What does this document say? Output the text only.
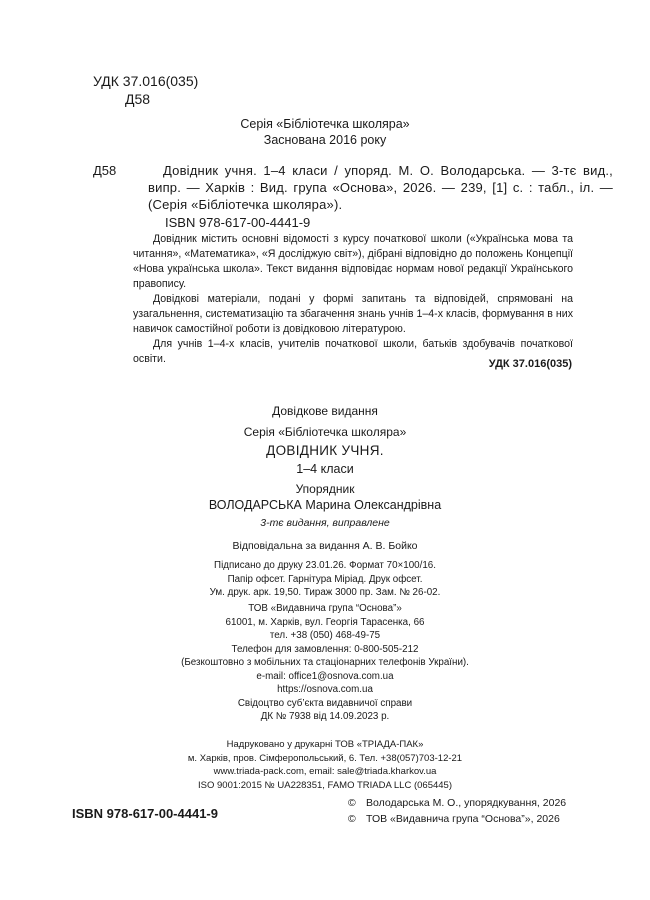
УДК 37.016(035)
Д58
Серія «Бібліотечка школяра»
Заснована 2016 року
Д58	Довідник учня. 1–4 класи / упоряд. М. О. Володарська. — 3-тє вид., випр. — Харків : Вид. група «Основа», 2026. — 239, [1] с. : табл., іл. — (Серія «Бібліотечка школяра»).
ISBN 978-617-00-4441-9

Довідник містить основні відомості з курсу початкової школи («Українська мова та читання», «Математика», «Я досліджую світ»), дібрані відповідно до положень Концепції «Нова українська школа». Текст видання відповідає нормам нової редакції Українського правопису.

Довідкові матеріали, подані у формі запитань та відповідей, спрямовані на узагальнення, систематизацію та збагачення знань учнів 1–4-х класів, формування в них навичок самостійної роботи із довідковою літературою.

Для учнів 1–4-х класів, учителів початкової школи, батьків здобувачів початкової освіти.	УДК 37.016(035)
Довідкове видання
Серія «Бібліотечка школяра»
ДОВІДНИК УЧНЯ.
1–4 класи
Упорядник
ВОЛОДАРСЬКА Марина Олександрівна
3-тє видання, виправлене
Відповідальна за видання А. В. Бойко
Підписано до друку 23.01.26. Формат 70×100/16.
Папір офсет. Гарнітура Міріад. Друк офсет.
Ум. друк. арк. 19,50. Тираж 3000 пр. Зам. № 26-02.
ТОВ «Видавнича група “Основа”»
61001, м. Харків, вул. Георгія Тарасенка, 66
тел. +38 (050) 468-49-75
Телефон для замовлення: 0-800-505-212
(Безкоштовно з мобільних та стаціонарних телефонів України).
e-mail: office1@osnova.com.ua
https://osnova.com.ua
Свідоцтво суб’єкта видавничої справи
ДК № 7938 від 14.09.2023 р.
Надруковано у друкарні ТОВ «ТРІАДА-ПАК»
м. Харків, пров. Сімферопольський, 6. Тел. +38(057)703-12-21
www.triada-pack.com, email: sale@triada.kharkov.ua
ISO 9001:2015 № UA228351, FAMO TRIADA LLC (065445)
ISBN 978-617-00-4441-9
© Володарська М. О., упорядкування, 2026
© ТОВ «Видавнича група “Основа”», 2026
